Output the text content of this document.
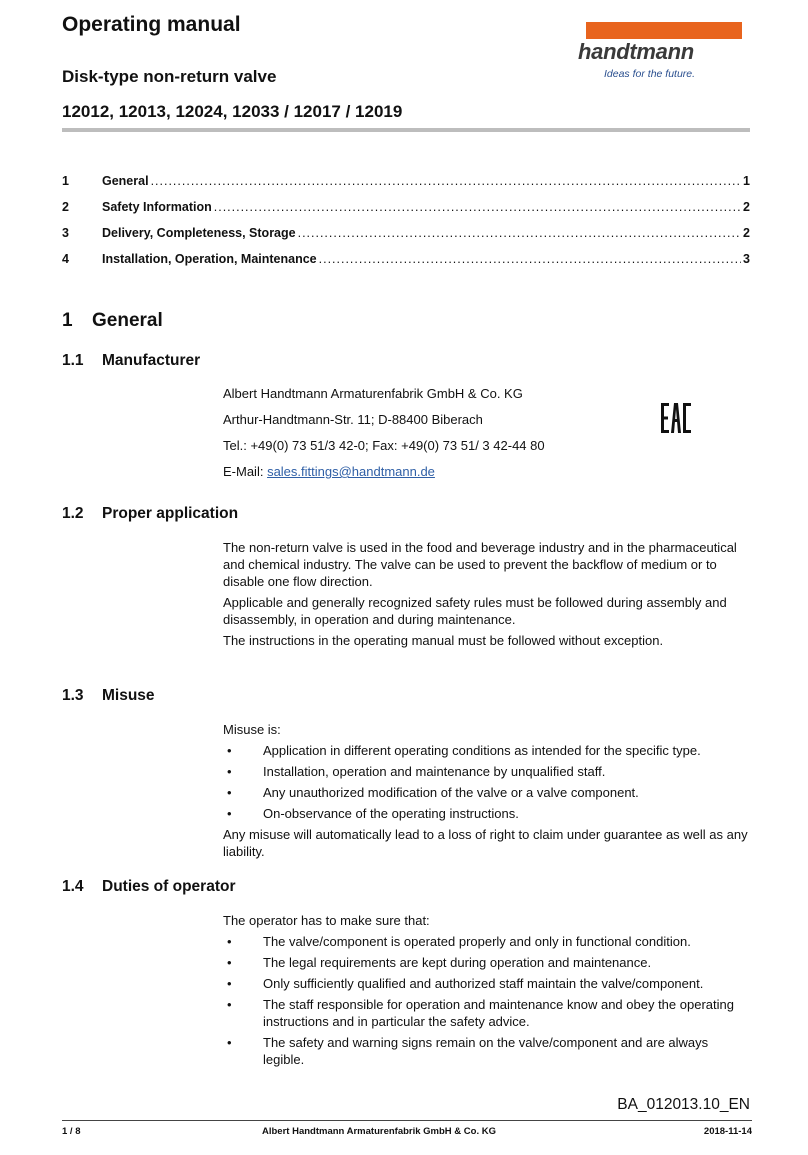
Operating manual
Disk-type non-return valve
12012, 12013, 12024, 12033 / 12017 / 12019
handtmann
Ideas for the future.
1	General .....	1
2	Safety Information .....	2
3	Delivery, Completeness, Storage .....	2
4	Installation, Operation, Maintenance .....	3
1 General
1.1 Manufacturer

Albert Handtmann Armaturenfabrik GmbH & Co. KG

Arthur-Handtmann-Str. 11; D-88400 Biberach

Tel.: +49(0) 73 51/3 42-0; Fax: +49(0) 73 51/ 3 42-44 80

E-Mail: sales.fittings@handtmann.de

1.2 Proper application

The non-return valve is used in the food and beverage industry and in the pharmaceutical and chemical industry. The valve can be used to prevent the backflow of medium or to disable one flow direction.

Applicable and generally recognized safety rules must be followed during assembly and disassembly, in operation and during maintenance.

The instructions in the operating manual must be followed without exception.

1.3 Misuse

Misuse is:

• Application in different operating conditions as intended for the specific type.
• Installation, operation and maintenance by unqualified staff.
• Any unauthorized modification of the valve or a valve component.
• On-observance of the operating instructions.

Any misuse will automatically lead to a loss of right to claim under guarantee as well as any liability.

1.4 Duties of operator

The operator has to make sure that:

• The valve/component is operated properly and only in functional condition.
• The legal requirements are kept during operation and maintenance.
• Only sufficiently qualified and authorized staff maintain the valve/component.
• The staff responsible for operation and maintenance know and obey the operating instructions and in particular the safety advice.
• The safety and warning signs remain on the valve/component and are always legible.
BA_012013.10_EN
1 / 8	Albert Handtmann Armaturenfabrik GmbH & Co. KG	2018-11-14
